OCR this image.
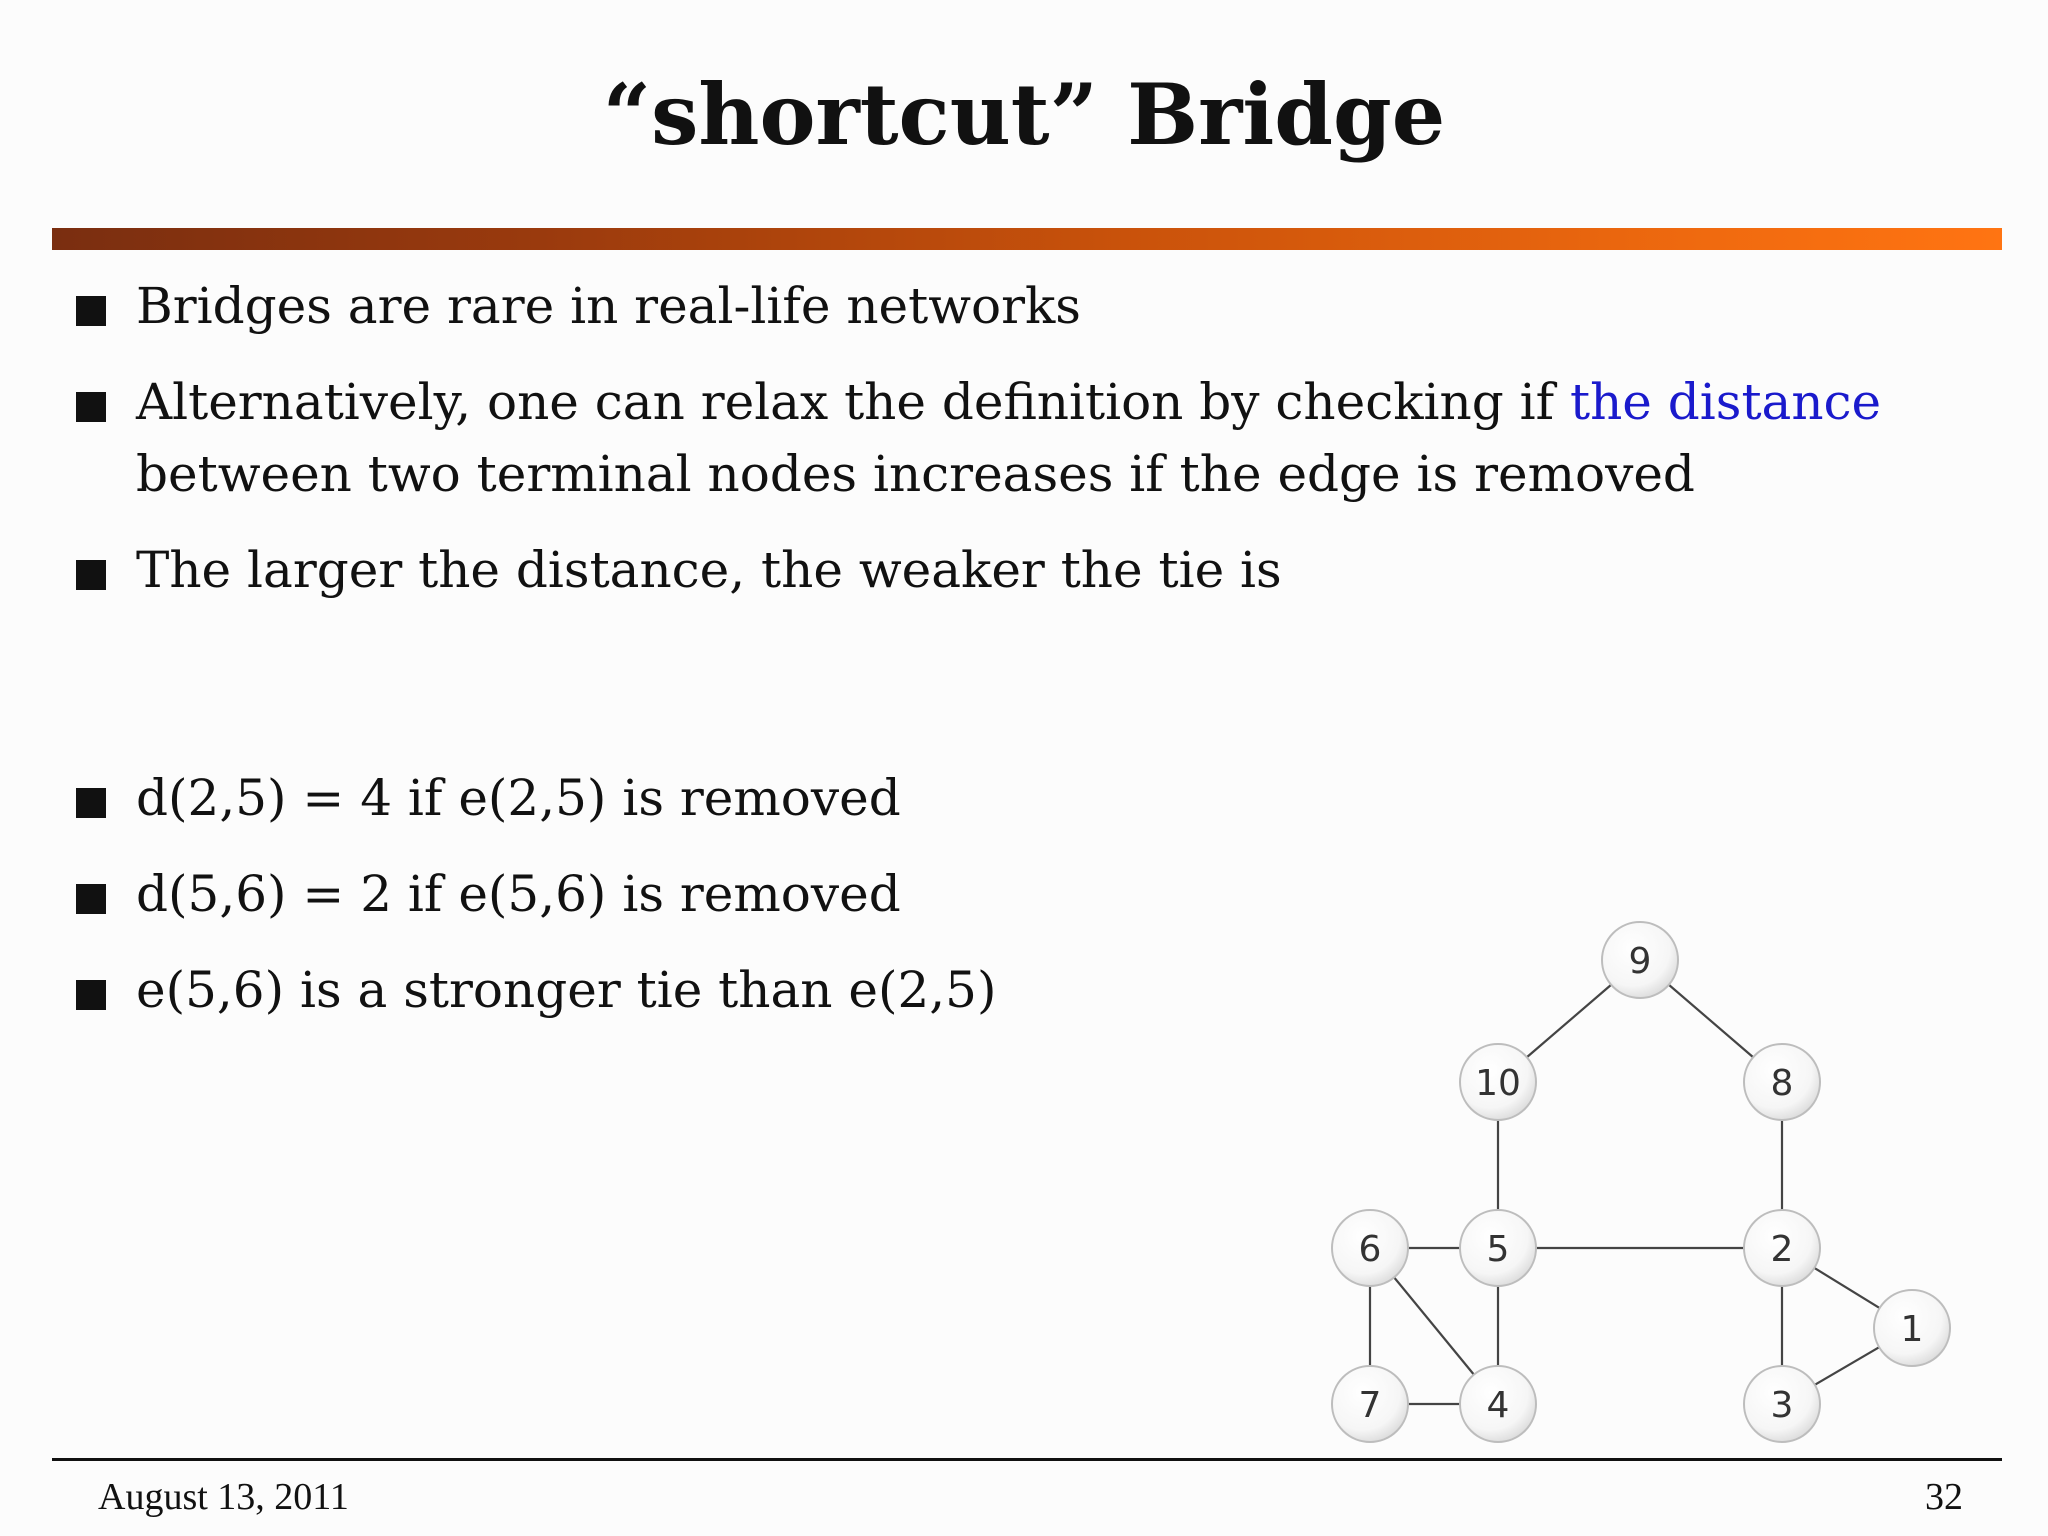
“shortcut” Bridge
Bridges are rare in real-life networks
Alternatively, one can relax the definition by checking if the distance between two terminal nodes increases if the edge is removed
The larger the distance, the weaker the tie is
d(2,5) = 4 if e(2,5) is removed
d(5,6) = 2 if e(5,6) is removed
e(5,6) is a stronger tie than e(2,5)
1
2
3
4
5
6
7
8
9
10
August 13, 2011	32
